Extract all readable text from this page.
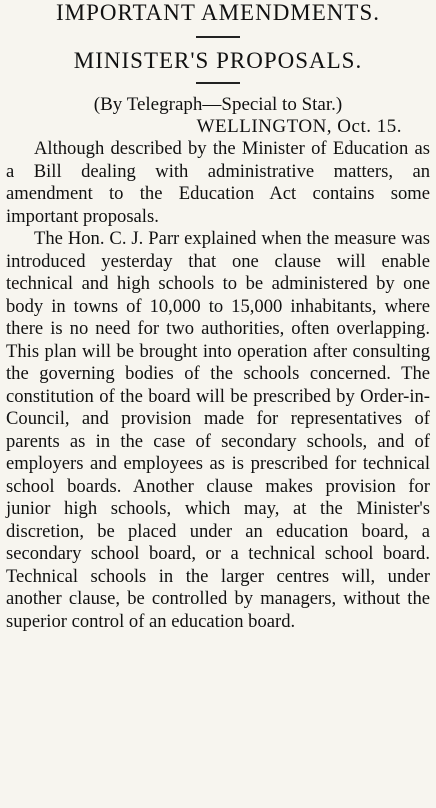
IMPORTANT AMENDMENTS.
MINISTER'S PROPOSALS.

(By Telegraph—Special to Star.)

WELLINGTON, Oct. 15.

Although described by the Minister of Education as a Bill dealing with administrative matters, an amendment to the Education Act contains some important proposals.

The Hon. C. J. Parr explained when the measure was introduced yesterday that one clause will enable technical and high schools to be administered by one body in towns of 10,000 to 15,000 inhabitants, where there is no need for two authorities, often overlapping. This plan will be brought into operation after consulting the governing bodies of the schools concerned. The constitution of the board will be prescribed by Order-in-Council, and provision made for representatives of parents as in the case of secondary schools, and of employers and employees as is prescribed for technical school boards. Another clause makes provision for junior high schools, which may, at the Minister's discretion, be placed under an education board, a secondary school board, or a technical school board. Technical schools in the larger centres will, under another clause, be controlled by managers, without the superior control of an education board.
